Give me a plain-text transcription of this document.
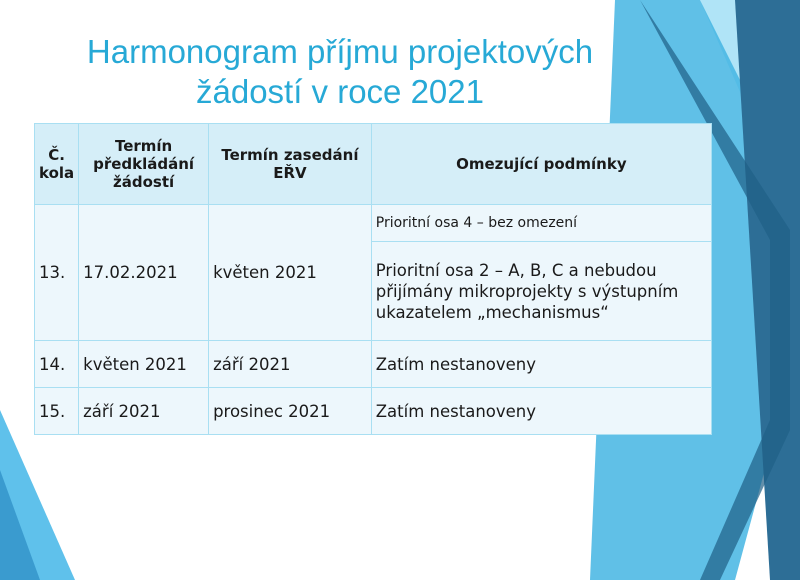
Harmonogram příjmu projektových
žádostí v roce 2021
Č. kola	Termín předkládání žádostí	Termín zasedání EŘV	Omezující podmínky
13.	17.02.2021	květen 2021	Prioritní osa 4 – bez omezení
			Prioritní osa 2 – A, B, C a nebudou přijímány mikroprojekty s výstupním ukazatelem „mechanismus“
14.	květen 2021	září 2021	Zatím nestanoveny
15.	září 2021	prosinec 2021	Zatím nestanoveny
